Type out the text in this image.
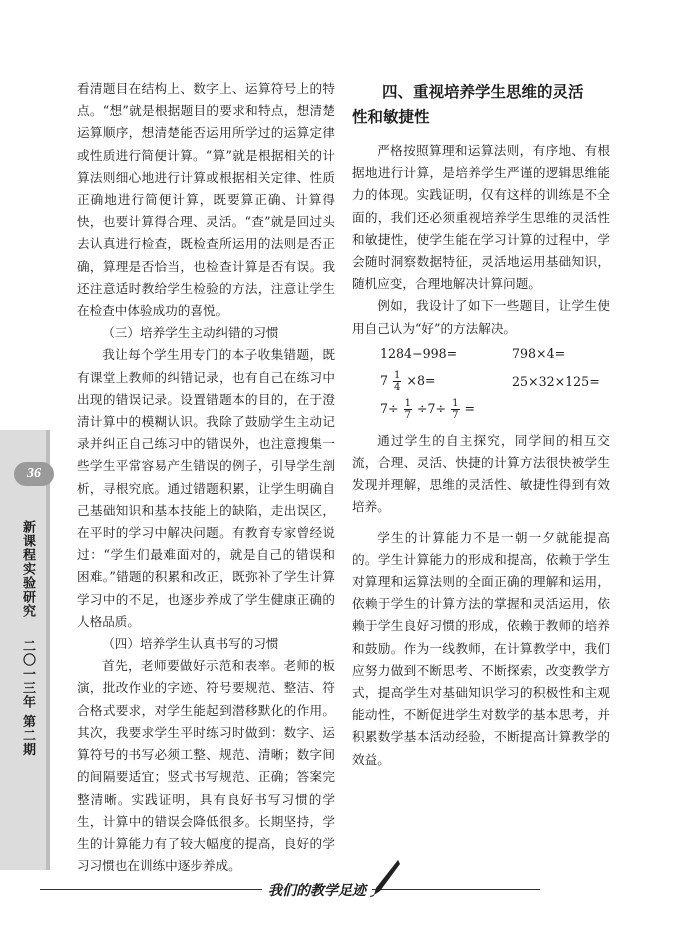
36
新课程实验研究  二〇一三年 第二期

看清题目在结构上、数字上、运算符号上的特点。“想”就是根据题目的要求和特点，想清楚运算顺序，想清楚能否运用所学过的运算定律或性质进行简便计算。“算”就是根据相关的计算法则细心地进行计算或根据相关定律、性质正确地进行简便计算，既要算正确、计算得快，也要计算得合理、灵活。“查”就是回过头去认真进行检查，既检查所运用的法则是否正确，算理是否恰当，也检查计算是否有误。我还注意适时教给学生检验的方法，注意让学生在检查中体验成功的喜悦。

（三）培养学生主动纠错的习惯

我让每个学生用专门的本子收集错题，既有课堂上教师的纠错记录，也有自己在练习中出现的错误记录。设置错题本的目的，在于澄清计算中的模糊认识。我除了鼓励学生主动记录并纠正自己练习中的错误外，也注意搜集一些学生平常容易产生错误的例子，引导学生剖析，寻根究底。通过错题积累，让学生明确自己基础知识和基本技能上的缺陷，走出误区，在平时的学习中解决问题。有教育专家曾经说过：“学生们最难面对的，就是自己的错误和困难。”错题的积累和改正，既弥补了学生计算学习中的不足，也逐步养成了学生健康正确的人格品质。

（四）培养学生认真书写的习惯

首先，老师要做好示范和表率。老师的板演，批改作业的字迹、符号要规范、整洁、符合格式要求，对学生能起到潜移默化的作用。其次，我要求学生平时练习时做到：数字、运算符号的书写必须工整、规范、清晰；数字间的间隔要适宜；竖式书写规范、正确；答案完整清晰。实践证明，具有良好书写习惯的学生，计算中的错误会降低很多。长期坚持，学生的计算能力有了较大幅度的提高，良好的学习习惯也在训练中逐步养成。

四、重视培养学生思维的灵活
性和敏捷性

严格按照算理和运算法则，有序地、有根据地进行计算，是培养学生严谨的逻辑思维能力的体现。实践证明，仅有这样的训练是不全面的，我们还必须重视培养学生思维的灵活性和敏捷性，使学生能在学习计算的过程中，学会随时洞察数据特征，灵活地运用基础知识，随机应变，合理地解决计算问题。

例如，我设计了如下一些题目，让学生使用自己认为“好”的方法解决。

1284−998=	798×4=
$7 \frac{1}{4} \times 8=$	25×32×125=
$7\div \frac{1}{7} \div 7\div \frac{1}{7}$ =

通过学生的自主探究，同学间的相互交流，合理、灵活、快捷的计算方法很快被学生发现并理解，思维的灵活性、敏捷性得到有效培养。

学生的计算能力不是一朝一夕就能提高的。学生计算能力的形成和提高，依赖于学生对算理和运算法则的全面正确的理解和运用，依赖于学生的计算方法的掌握和灵活运用，依赖于学生良好习惯的形成，依赖于教师的培养和鼓励。作为一线教师，在计算教学中，我们应努力做到不断思考、不断探索，改变教学方式，提高学生对基础知识学习的积极性和主观能动性，不断促进学生对数学的基本思考，并积累数学基本活动经验，不断提高计算教学的效益。

我们的教学足迹
